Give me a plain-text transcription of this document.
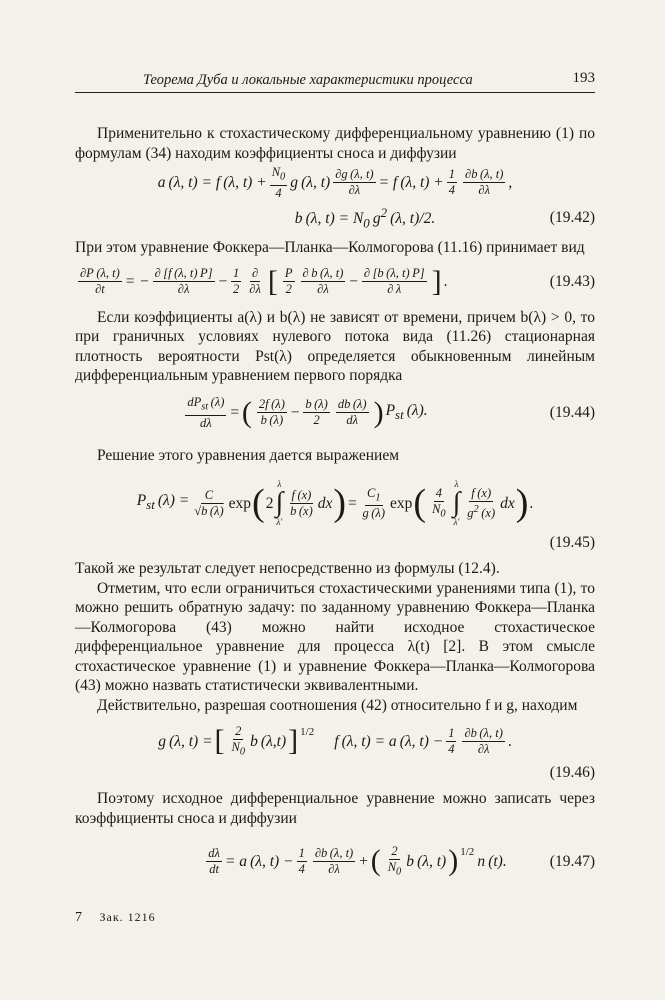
Теорема Дуба и локальные характеристики процесса	193

Применительно к стохастическому дифференциальному уравнению (1) по формулам (34) находим коэффициенты сноса и диффузии

a (λ, t) = f (λ, $t) + \frac{N_0}{4}$ g (λ, $t) \frac{\partial g (\lambda, t)}{\partial\lambda} = f$ (λ, $t) + \frac{1}{4} \partial b$ (λ, t)
∂λ ,
b (λ, $t) = N_0$ $g^2$ (λ, t)/2.	(19.42)

При этом уравнение Фоккера—Планка—Колмогорова (11.16) принимает вид

$\frac{\partial P (\lambda, t)}{\partial t}$ = − $\frac{\partial [f (\lambda, t) P]}{\partial\lambda} - \frac{1}{2}$ ∂
∂λ [ P
2
∂ b (λ, t)
$\partial\lambda - \frac{\partial [b (\lambda, t) P]}{\partial \lambda}$ ] .	(19.43)

Если коэффициенты a(λ) и b(λ) не зависят от времени, причем b(λ) > 0, то при граничных условиях нулевого потока вида (11.26) стационарная плотность вероятности Pst(λ) определяется обыкновенным линейным дифференциальным уравнением первого порядка

$dP_{st}$ (λ)
dλ
= ( 2f (λ)
b $(\lambda) - \frac{b (\lambda)}{2}$ db (λ)
dλ ) $P_{st}$ (λ).	(19.44)

Решение этого уравнения дается выражением

$P_{st}$ $(\lambda) = \frac{C}{√b (\lambda)}$ exp ( 2
λ
∫
λ′
f (x)
b (x) dx ) = $\frac{C_1}{g (\lambda)}$ exp ( 4
$N_0$
λ
∫
λ′
f (x)
$g^2$ (x)
dx ) .
(19.45)

Такой же результат следует непосредственно из формулы (12.4).

Отметим, что если ограничиться стохастическими уранениями типа (1), то можно решить обратную задачу: по заданному уравнению Фоккера—Планка—Колмогорова (43) можно найти исходное стохастическое дифференциальное уравнение для процесса λ(t) [2]. В этом смысле стохастическое уравнение (1) и уравнение Фоккера—Планка—Колмогорова (43) можно назвать статистически эквивалентными.

Действительно, разрешая соотношения (42) относительно f и g, находим

g (λ, t) = [ 2
$N_0$
b (λ,t) ]$^{1/2}$
f (λ, t) = a (λ, $t) - \frac{1}{4} \partial b$ (λ, t)
∂λ .
(19.46)

Поэтому исходное дифференциальное уравнение можно записать через коэффициенты сноса и диффузии

$\frac{d\lambda}{dt} = a$ (λ, $t) - \frac{1}{4} \partial b$ (λ, t)
∂λ + ( 2
$N_0$
b (λ, t) )$^{1/2}$
 n (t).	(19.47)
7 Зак. 1216
